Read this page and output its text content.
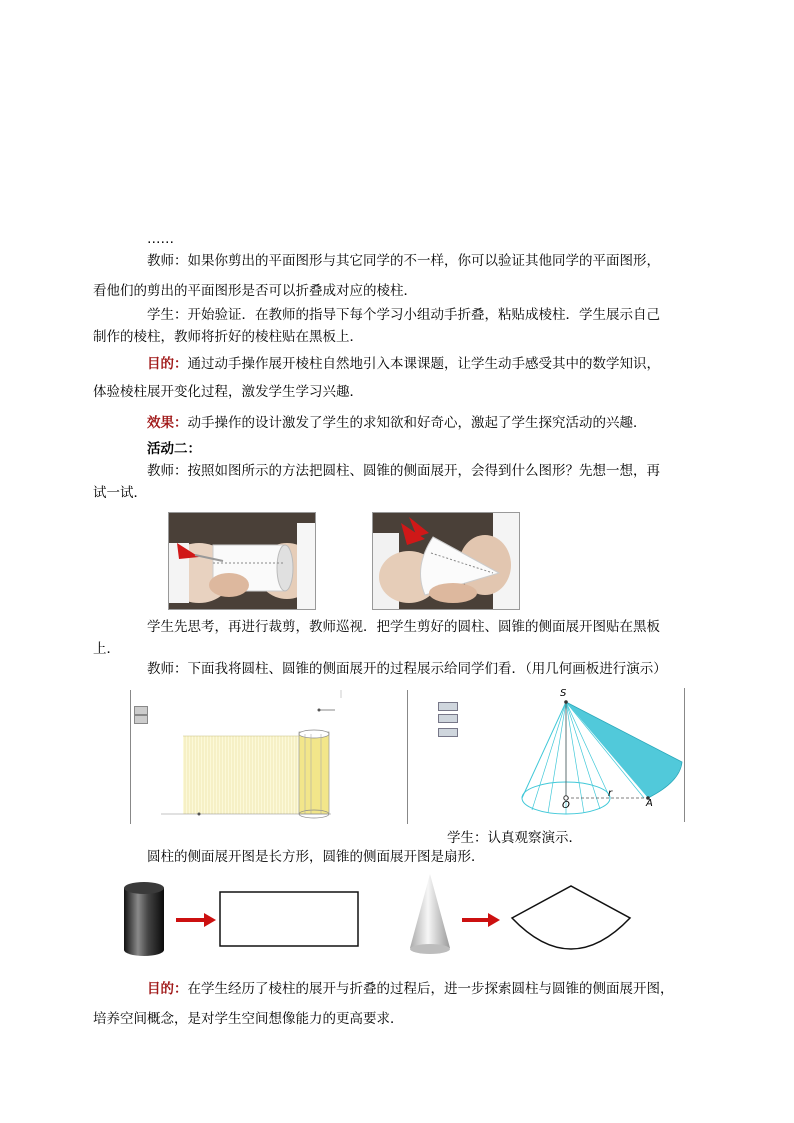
……
教师：如果你剪出的平面图形与其它同学的不一样，你可以验证其他同学的平面图形，
看他们的剪出的平面图形是否可以折叠成对应的棱柱．
学生：开始验证．在教师的指导下每个学习小组动手折叠，粘贴成棱柱．学生展示自己
制作的棱柱，教师将折好的棱柱贴在黑板上．
目的：通过动手操作展开棱柱自然地引入本课课题，让学生动手感受其中的数学知识，
体验棱柱展开变化过程，激发学生学习兴趣．
效果：动手操作的设计激发了学生的求知欲和好奇心，激起了学生探究活动的兴趣．
活动二：
教师：按照如图所示的方法把圆柱、圆锥的侧面展开，会得到什么图形？先想一想，再
试一试．
学生先思考，再进行裁剪，教师巡视．把学生剪好的圆柱、圆锥的侧面展开图贴在黑板
上．
教师：下面我将圆柱、圆锥的侧面展开的过程展示给同学们看．（用几何画板进行演示）
S
O
r
A
学生：认真观察演示．
圆柱的侧面展开图是长方形，圆锥的侧面展开图是扇形．
目的：在学生经历了棱柱的展开与折叠的过程后，进一步探索圆柱与圆锥的侧面展开图，
培养空间概念，是对学生空间想像能力的更高要求．
